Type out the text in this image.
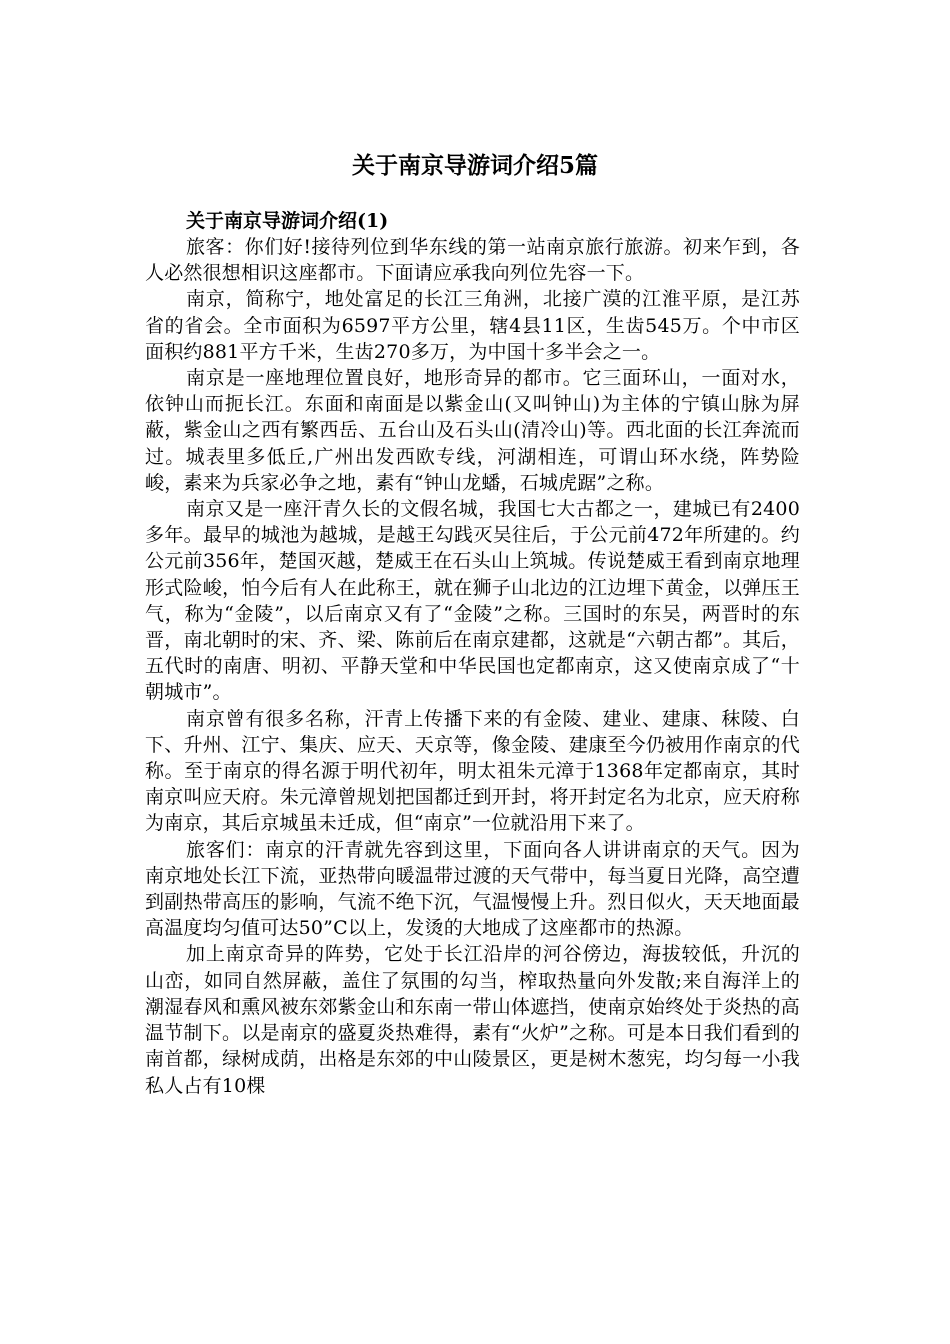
关于南京导游词介绍5篇
关于南京导游词介绍(1)

旅客：你们好!接待列位到华东线的第一站南京旅行旅游。初来乍到，各人必然很想相识这座都市。下面请应承我向列位先容一下。

南京，简称宁，地处富足的长江三角洲，北接广漠的江淮平原，是江苏省的省会。全市面积为6597平方公里，辖4县11区，生齿545万。个中市区面积约881平方千米，生齿270多万，为中国十多半会之一。

南京是一座地理位置良好，地形奇异的都市。它三面环山，一面对水，依钟山而扼长江。东面和南面是以紫金山(又叫钟山)为主体的宁镇山脉为屏蔽，紫金山之西有繁西岳、五台山及石头山(清冷山)等。西北面的长江奔流而过。城表里多低丘,广州出发西欧专线，河湖相连，可谓山环水绕，阵势险峻，素来为兵家必争之地，素有“钟山龙蟠，石城虎踞”之称。

南京又是一座汗青久长的文假名城，我国七大古都之一，建城已有2400多年。最早的城池为越城，是越王勾践灭吴往后，于公元前472年所建的。约公元前356年，楚国灭越，楚威王在石头山上筑城。传说楚威王看到南京地理形式险峻，怕今后有人在此称王，就在狮子山北边的江边埋下黄金，以弹压王气，称为“金陵”，以后南京又有了“金陵”之称。三国时的东吴，两晋时的东晋，南北朝时的宋、齐、梁、陈前后在南京建都，这就是“六朝古都”。其后，五代时的南唐、明初、平静天堂和中华民国也定都南京，这又使南京成了“十朝城市”。

南京曾有很多名称，汗青上传播下来的有金陵、建业、建康、秣陵、白下、升州、江宁、集庆、应天、天京等，像金陵、建康至今仍被用作南京的代称。至于南京的得名源于明代初年，明太祖朱元漳于1368年定都南京，其时南京叫应天府。朱元漳曾规划把国都迁到开封，将开封定名为北京，应天府称为南京，其后京城虽未迁成，但“南京”一位就沿用下来了。

旅客们：南京的汗青就先容到这里，下面向各人讲讲南京的天气。因为南京地处长江下流，亚热带向暖温带过渡的天气带中，每当夏日光降，高空遭到副热带高压的影响，气流不绝下沉，气温慢慢上升。烈日似火，天天地面最高温度均匀值可达50”C以上，发烫的大地成了这座都市的热源。

加上南京奇异的阵势，它处于长江沿岸的河谷傍边，海拔较低，升沉的山峦，如同自然屏蔽，盖住了氛围的勾当，榨取热量向外发散;来自海洋上的潮湿春风和熏风被东郊紫金山和东南一带山体遮挡，使南京始终处于炎热的高温节制下。以是南京的盛夏炎热难得，素有“火炉”之称。可是本日我们看到的南首都，绿树成荫，出格是东郊的中山陵景区，更是树木葱宪，均匀每一小我私人占有10棵
